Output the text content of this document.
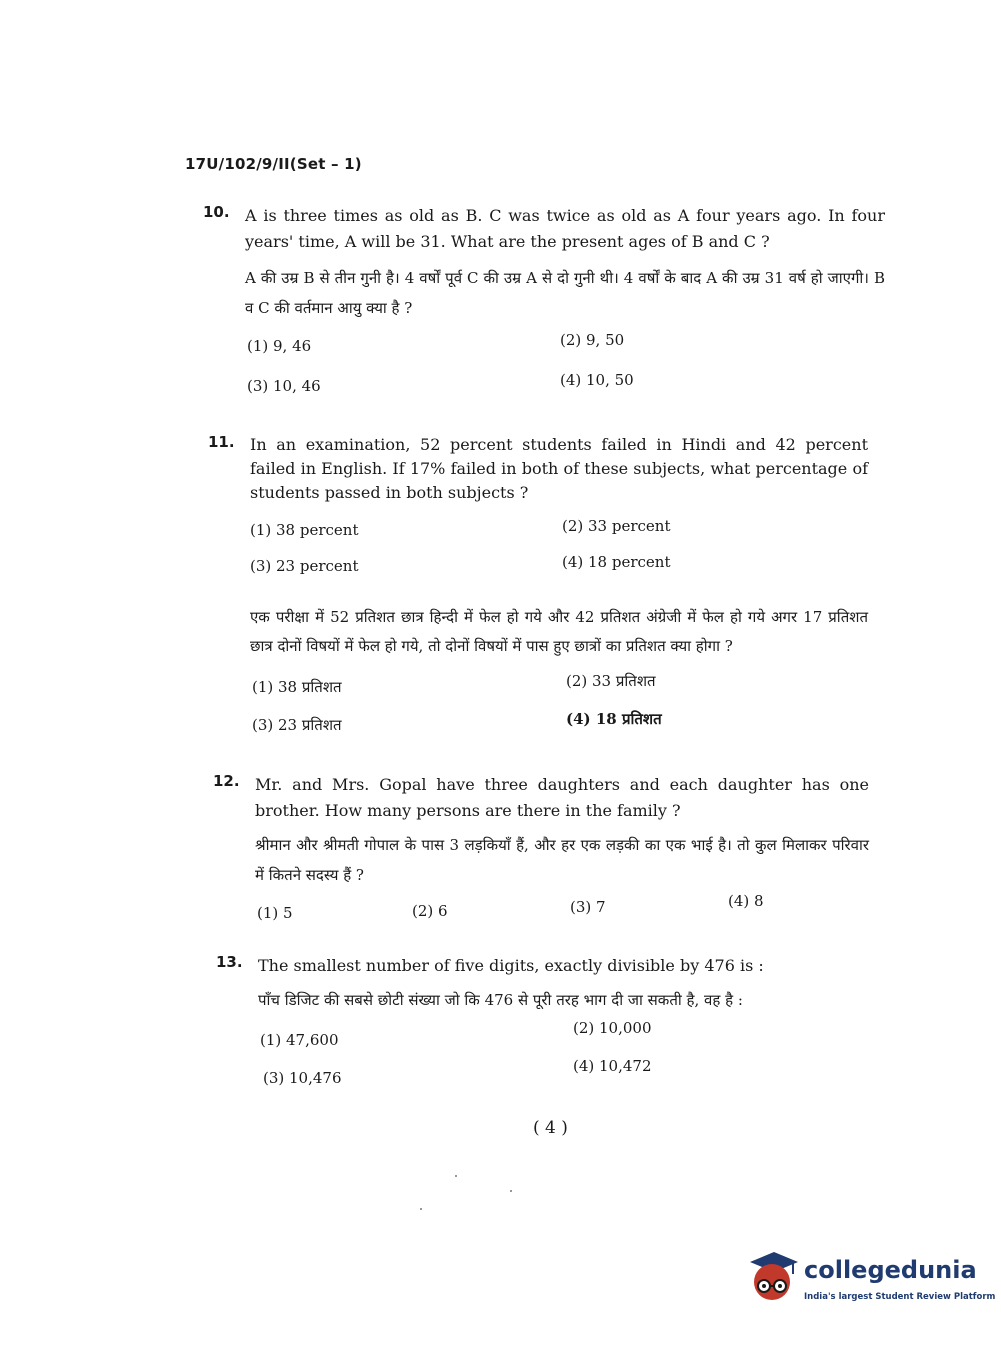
17U/102/9/II(Set – 1)
10. A is three times as old as B. C was twice as old as A four years ago. In four years' time, A will be 31. What are the present ages of B and C ?
A की उम्र B से तीन गुनी है। 4 वर्षों पूर्व C की उम्र A से दो गुनी थी। 4 वर्षों के बाद A की उम्र 31 वर्ष हो जाएगी। B व C की वर्तमान आयु क्या है ?
(1) 9, 46	(2) 9, 50
(3) 10, 46	(4) 10, 50
11. In an examination, 52 percent students failed in Hindi and 42 percent failed in English. If 17% failed in both of these subjects, what percentage of students passed in both subjects ?
(1) 38 percent	(2) 33 percent
(3) 23 percent	(4) 18 percent
एक परीक्षा में 52 प्रतिशत छात्र हिन्दी में फेल हो गये और 42 प्रतिशत अंग्रेजी में फेल हो गये अगर 17 प्रतिशत छात्र दोनों विषयों में फेल हो गये, तो दोनों विषयों में पास हुए छात्रों का प्रतिशत क्या होगा ?
(1) 38 प्रतिशत	(2) 33 प्रतिशत
(3) 23 प्रतिशत	(4) 18 प्रतिशत
12. Mr. and Mrs. Gopal have three daughters and each daughter has one brother. How many persons are there in the family ?
श्रीमान और श्रीमती गोपाल के पास 3 लड़कियाँ हैं, और हर एक लड़की का एक भाई है। तो कुल मिलाकर परिवार में कितने सदस्य हैं ?
(1) 5	(2) 6	(3) 7	(4) 8
13. The smallest number of five digits, exactly divisible by 476 is :
पाँच डिजिट की सबसे छोटी संख्या जो कि 476 से पूरी तरह भाग दी जा सकती है, वह है :
(1) 47,600
(2) 10,000
(3) 10,476
(4) 10,472
( 4 )
collegedunia
India's largest Student Review Platform
